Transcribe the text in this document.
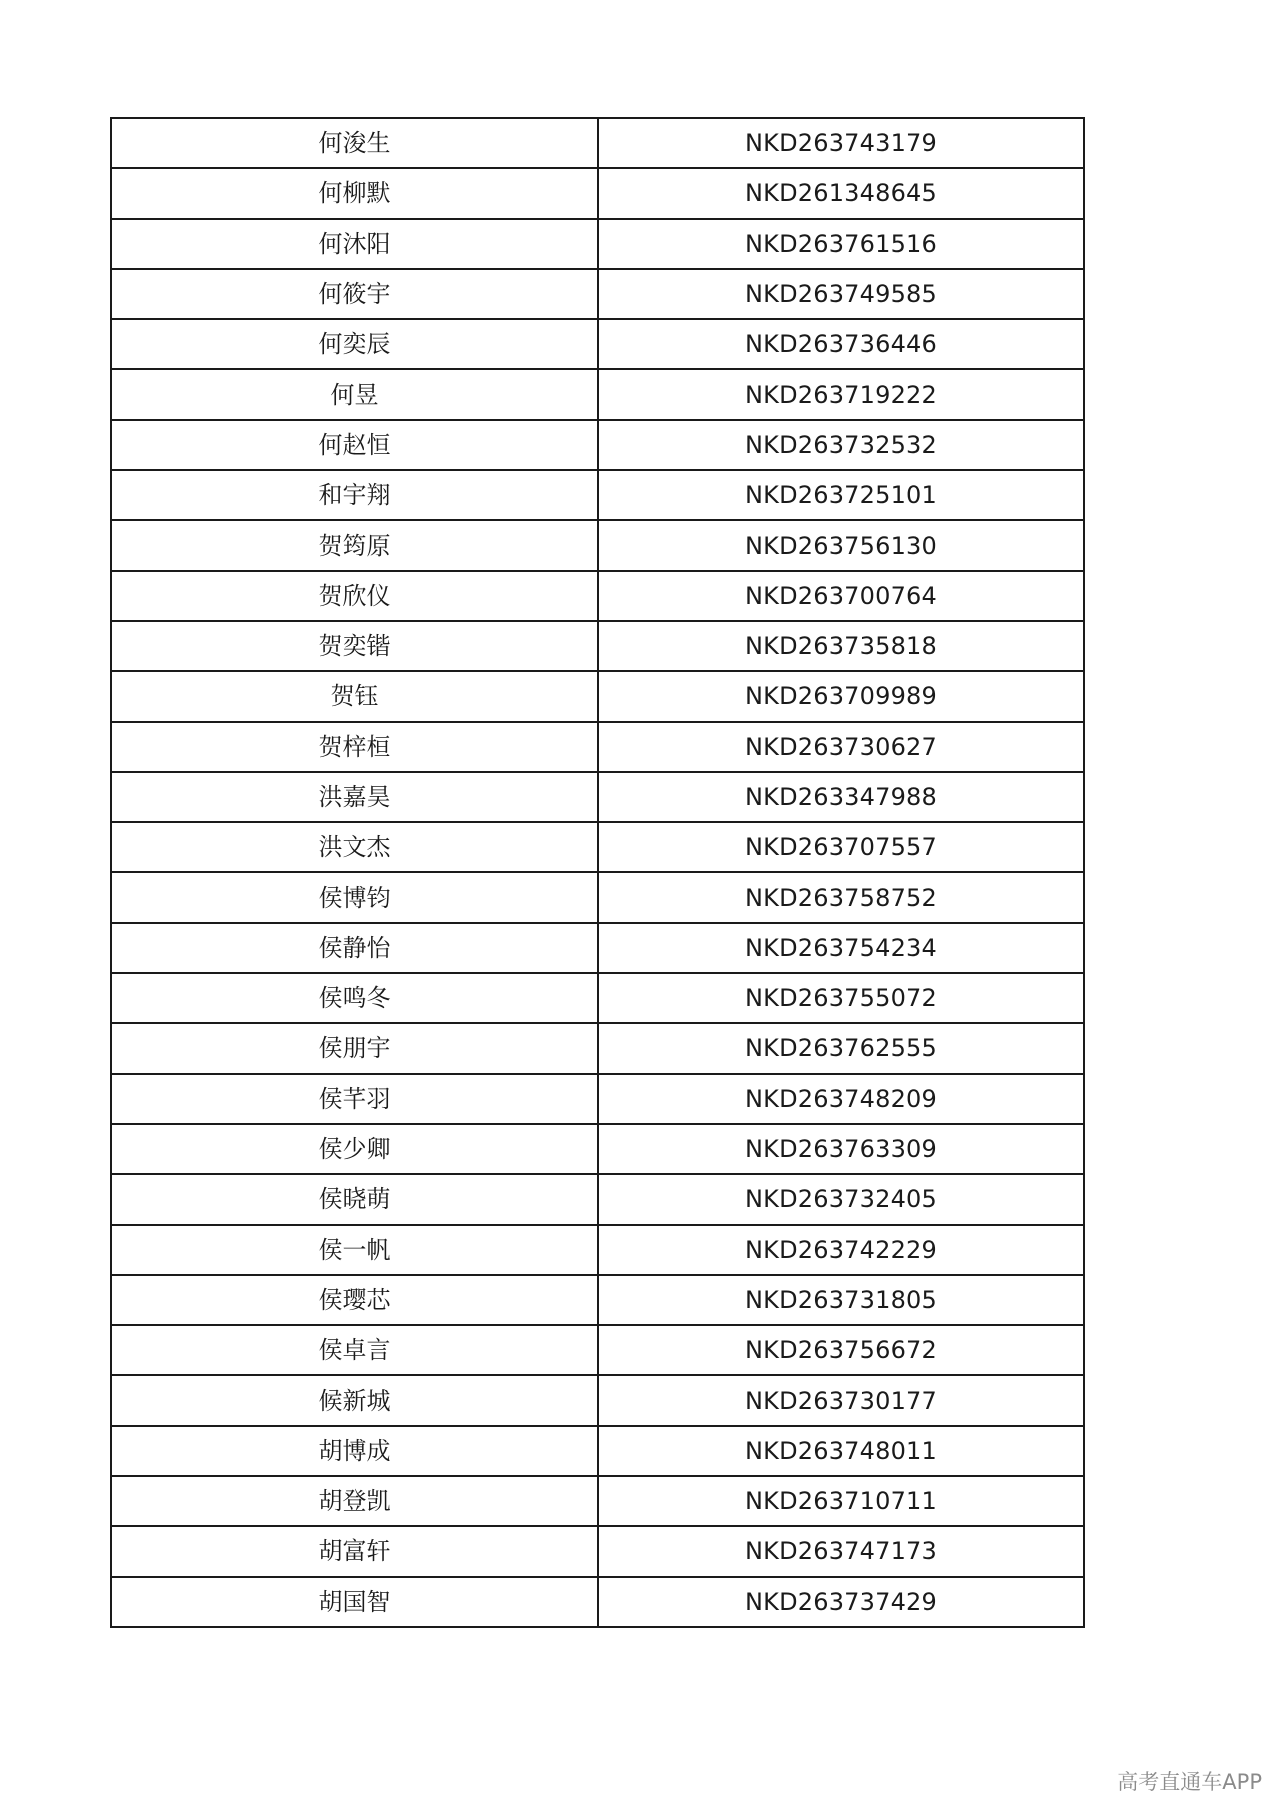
何浚生	NKD263743179
何柳默	NKD261348645
何沐阳	NKD263761516
何筱宇	NKD263749585
何奕辰	NKD263736446
何昱	NKD263719222
何赵恒	NKD263732532
和宇翔	NKD263725101
贺筠原	NKD263756130
贺欣仪	NKD263700764
贺奕锴	NKD263735818
贺钰	NKD263709989
贺梓桓	NKD263730627
洪嘉昊	NKD263347988
洪文杰	NKD263707557
侯博钧	NKD263758752
侯静怡	NKD263754234
侯鸣冬	NKD263755072
侯朋宇	NKD263762555
侯芊羽	NKD263748209
侯少卿	NKD263763309
侯晓萌	NKD263732405
侯一帆	NKD263742229
侯璎芯	NKD263731805
侯卓言	NKD263756672
候新城	NKD263730177
胡博成	NKD263748011
胡登凯	NKD263710711
胡富轩	NKD263747173
胡国智	NKD263737429
高考直通车APP
